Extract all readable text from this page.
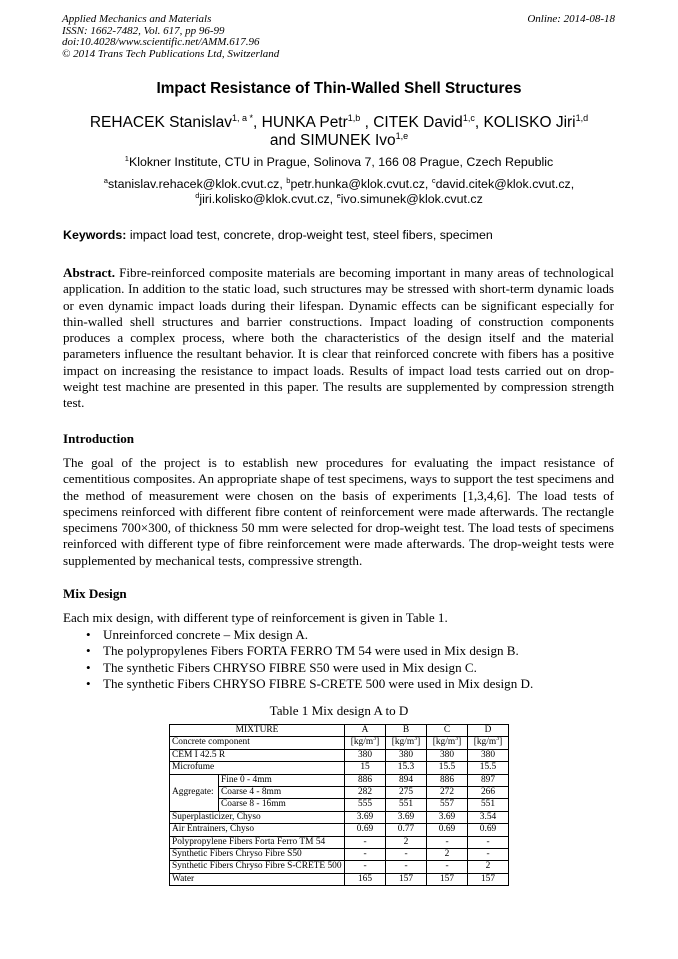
Applied Mechanics and Materials
ISSN: 1662-7482, Vol. 617, pp 96-99
doi:10.4028/www.scientific.net/AMM.617.96
© 2014 Trans Tech Publications Ltd, Switzerland
Online: 2014-08-18
Impact Resistance of Thin-Walled Shell Structures
REHACEK Stanislav$^{1, a *}$, HUNKA Petr$^{1,b}$ , CITEK David$^{1,c}$, KOLISKO Jiri$^{1,d}$
and SIMUNEK Ivo$^{1,e}$
$^1$Klokner Institute, CTU in Prague, Solinova 7, 166 08 Prague, Czech Republic
$^a$stanislav.rehacek@klok.cvut.cz, $^b$petr.hunka@klok.cvut.cz, $^c$david.citek@klok.cvut.cz,
$^d$jiri.kolisko@klok.cvut.cz, $^e$ivo.simunek@klok.cvut.cz
Keywords: impact load test, concrete, drop-weight test, steel fibers, specimen
Abstract. Fibre-reinforced composite materials are becoming important in many areas of technological application. In addition to the static load, such structures may be stressed with short-term dynamic loads or even dynamic impact loads during their lifespan. Dynamic effects can be significant especially for thin-walled shell structures and barrier constructions. Impact loading of construction components produces a complex process, where both the characteristics of the design itself and the material parameters influence the resultant behavior. It is clear that reinforced concrete with fibers has a positive impact on increasing the resistance to impact loads. Results of impact load tests carried out on drop-weight test machine are presented in this paper. The results are supplemented by compression strength test.
Introduction
The goal of the project is to establish new procedures for evaluating the impact resistance of cementitious composites. An appropriate shape of test specimens, ways to support the test specimens and the method of measurement were chosen on the basis of experiments [1,3,4,6]. The load tests of specimens reinforced with different fibre content of reinforcement were made afterwards. The rectangle specimens 700×300, of thickness 50 mm were selected for drop-weight test. The load tests of specimens reinforced with different type of fibre reinforcement were made afterwards. The drop-weight tests were supplemented by mechanical tests, compressive strength.
Mix Design
Each mix design, with different type of reinforcement is given in Table 1.
• Unreinforced concrete – Mix design A.
• The polypropylenes Fibers FORTA FERRO TM 54 were used in Mix design B.
• The synthetic Fibers CHRYSO FIBRE S50 were used in Mix design C.
• The synthetic Fibers CHRYSO FIBRE S-CRETE 500 were used in Mix design D.
Table 1 Mix design A to D
MIXTURE		A	B	C	D
Concrete component		$[kg/m^3]$	$[kg/m^3]$	$[kg/m^3]$	$[kg/m^3]$
CEM I 42.5 R		380	380	380	380
Microfume		15	15.3	15.5	15.5
Aggregate:	Fine 0 - 4mm	886	894	886	897
	Coarse 4 - 8mm	282	275	272	266
	Coarse 8 - 16mm	555	551	557	551
Superplasticizer, Chyso		3.69	3.69	3.69	3.54
Air Entrainers, Chyso		0.69	0.77	0.69	0.69
Polypropylene Fibers Forta Ferro TM 54		-	2	-	-
Synthetic Fibers Chryso Fibre S50		-	-	2	-
Synthetic Fibers Chryso Fibre S-CRETE 500		-	-	-	2
Water		165	157	157	157
